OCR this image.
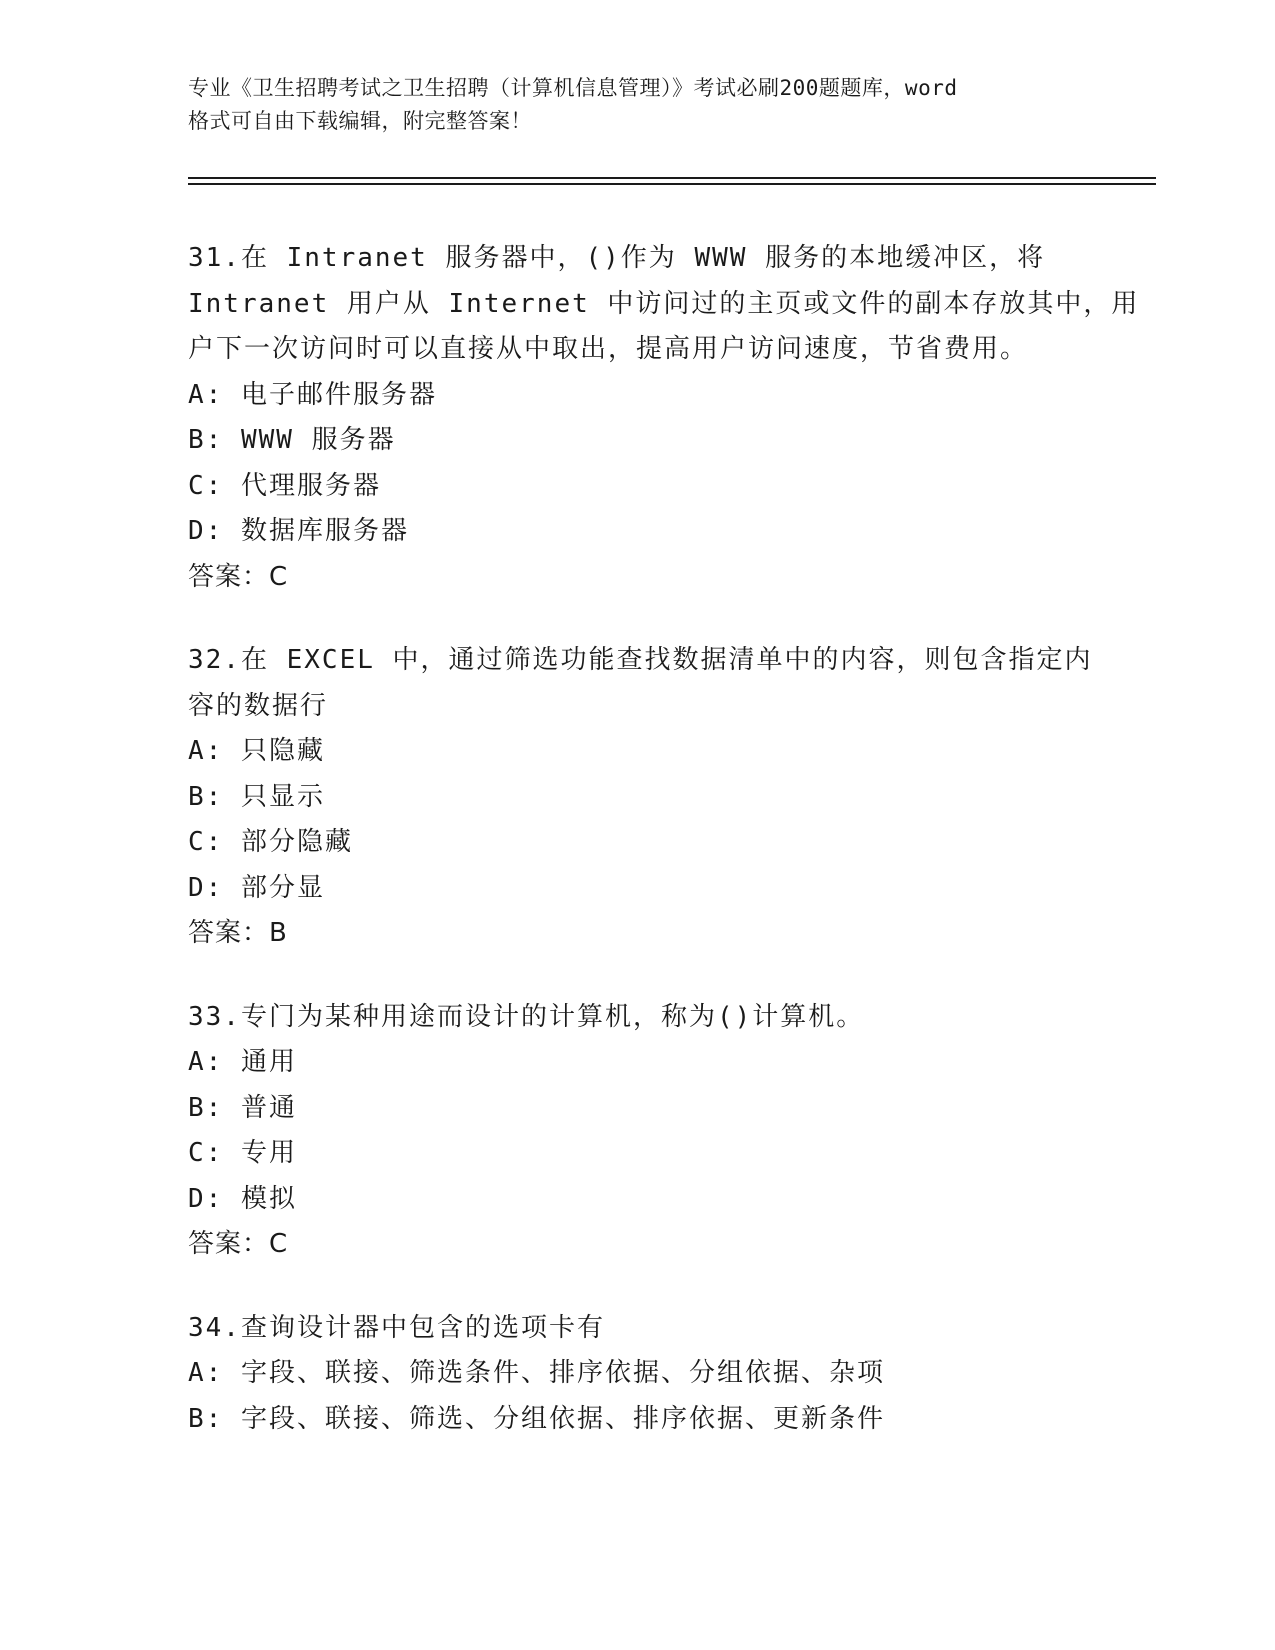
专业《卫生招聘考试之卫生招聘（计算机信息管理）》考试必刷200题题库，word
格式可自由下载编辑，附完整答案！
31.在 Intranet 服务器中，()作为 WWW 服务的本地缓冲区，将
Intranet 用户从 Internet 中访问过的主页或文件的副本存放其中，用
户下一次访问时可以直接从中取出，提高用户访问速度，节省费用。
A: 电子邮件服务器
B: WWW 服务器
C: 代理服务器
D: 数据库服务器
答案：C
32.在 EXCEL 中，通过筛选功能查找数据清单中的内容，则包含指定内
容的数据行
A: 只隐藏
B: 只显示
C: 部分隐藏
D: 部分显
答案：B
33.专门为某种用途而设计的计算机，称为()计算机。
A: 通用
B: 普通
C: 专用
D: 模拟
答案：C
34.查询设计器中包含的选项卡有
A: 字段、联接、筛选条件、排序依据、分组依据、杂项
B: 字段、联接、筛选、分组依据、排序依据、更新条件
